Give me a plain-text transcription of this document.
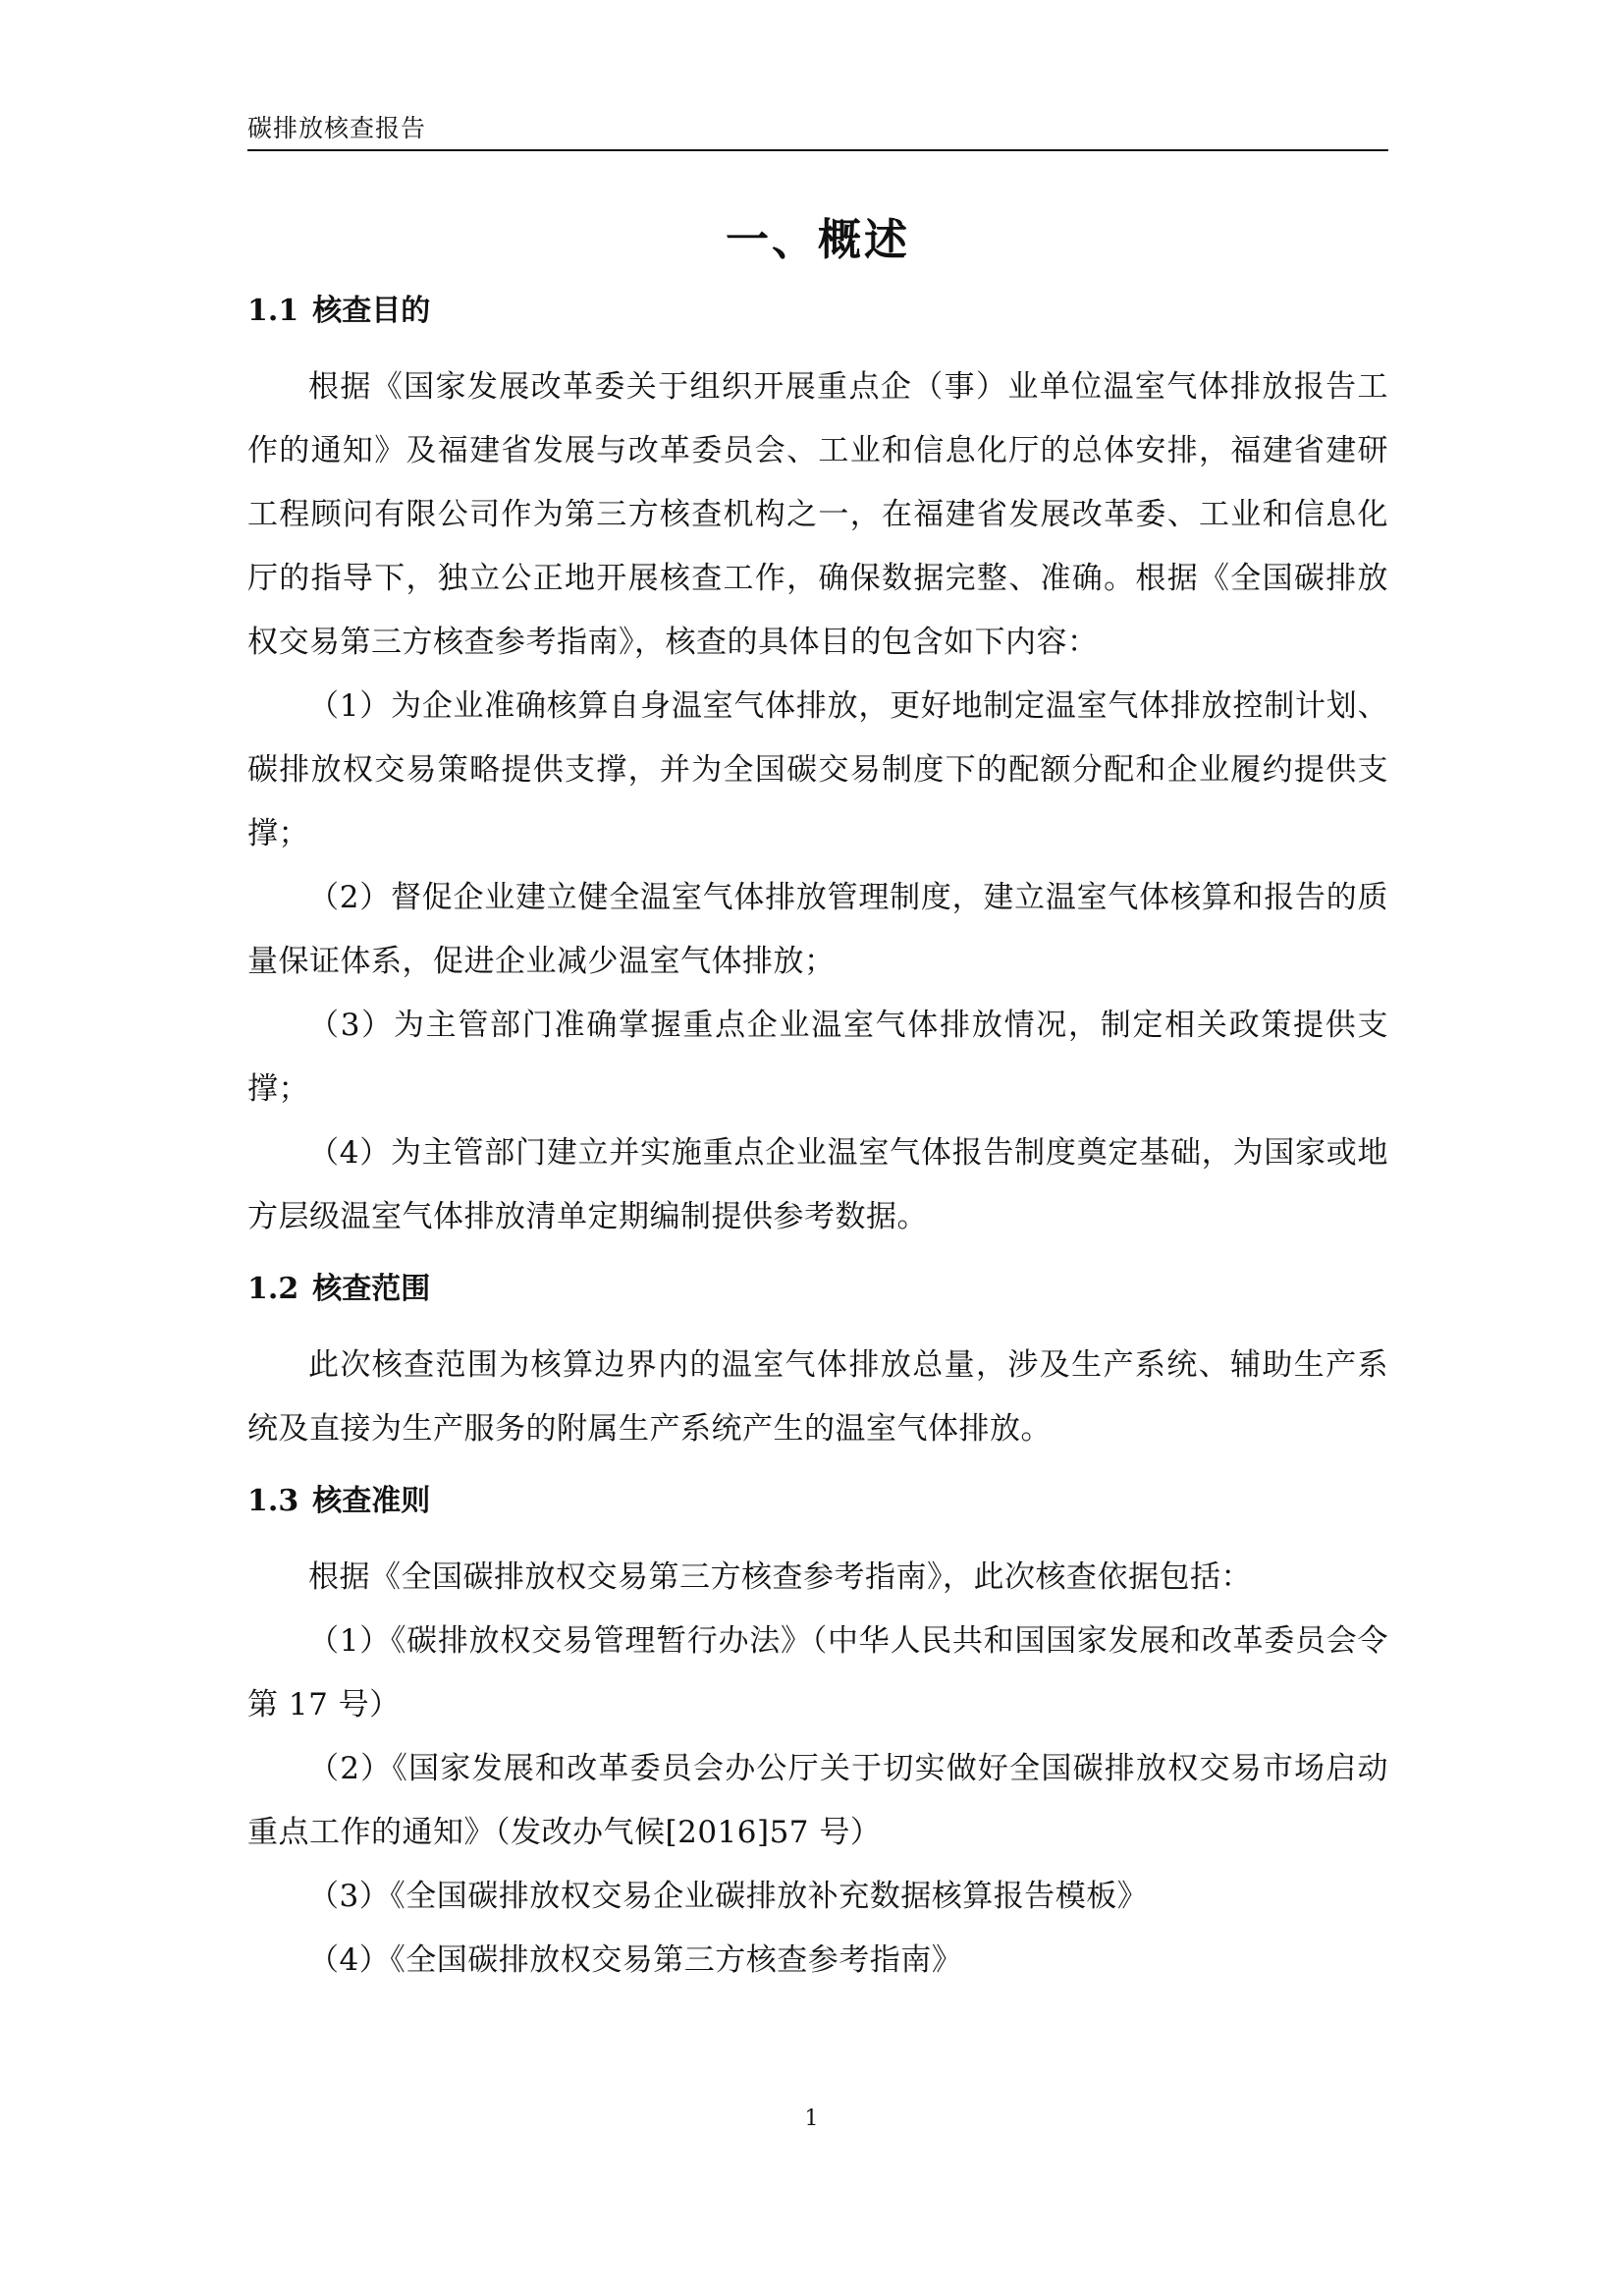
碳排放核查报告
一、概述
1.1 核查目的

根据《国家发展改革委关于组织开展重点企（事）业单位温室气体排放报告工作的通知》及福建省发展与改革委员会、工业和信息化厅的总体安排，福建省建研工程顾问有限公司作为第三方核查机构之一，在福建省发展改革委、工业和信息化厅的指导下，独立公正地开展核查工作，确保数据完整、准确。根据《全国碳排放权交易第三方核查参考指南》，核查的具体目的包含如下内容：

（1）为企业准确核算自身温室气体排放，更好地制定温室气体排放控制计划、碳排放权交易策略提供支撑，并为全国碳交易制度下的配额分配和企业履约提供支撑；

（2）督促企业建立健全温室气体排放管理制度，建立温室气体核算和报告的质量保证体系，促进企业减少温室气体排放；

（3）为主管部门准确掌握重点企业温室气体排放情况，制定相关政策提供支撑；

（4）为主管部门建立并实施重点企业温室气体报告制度奠定基础，为国家或地方层级温室气体排放清单定期编制提供参考数据。

1.2 核查范围

此次核查范围为核算边界内的温室气体排放总量，涉及生产系统、辅助生产系统及直接为生产服务的附属生产系统产生的温室气体排放。

1.3 核查准则

根据《全国碳排放权交易第三方核查参考指南》，此次核查依据包括：

（1）《碳排放权交易管理暂行办法》（中华人民共和国国家发展和改革委员会令第 17 号）

（2）《国家发展和改革委员会办公厅关于切实做好全国碳排放权交易市场启动重点工作的通知》（发改办气候[2016]57 号）

（3）《全国碳排放权交易企业碳排放补充数据核算报告模板》

（4）《全国碳排放权交易第三方核查参考指南》

1
